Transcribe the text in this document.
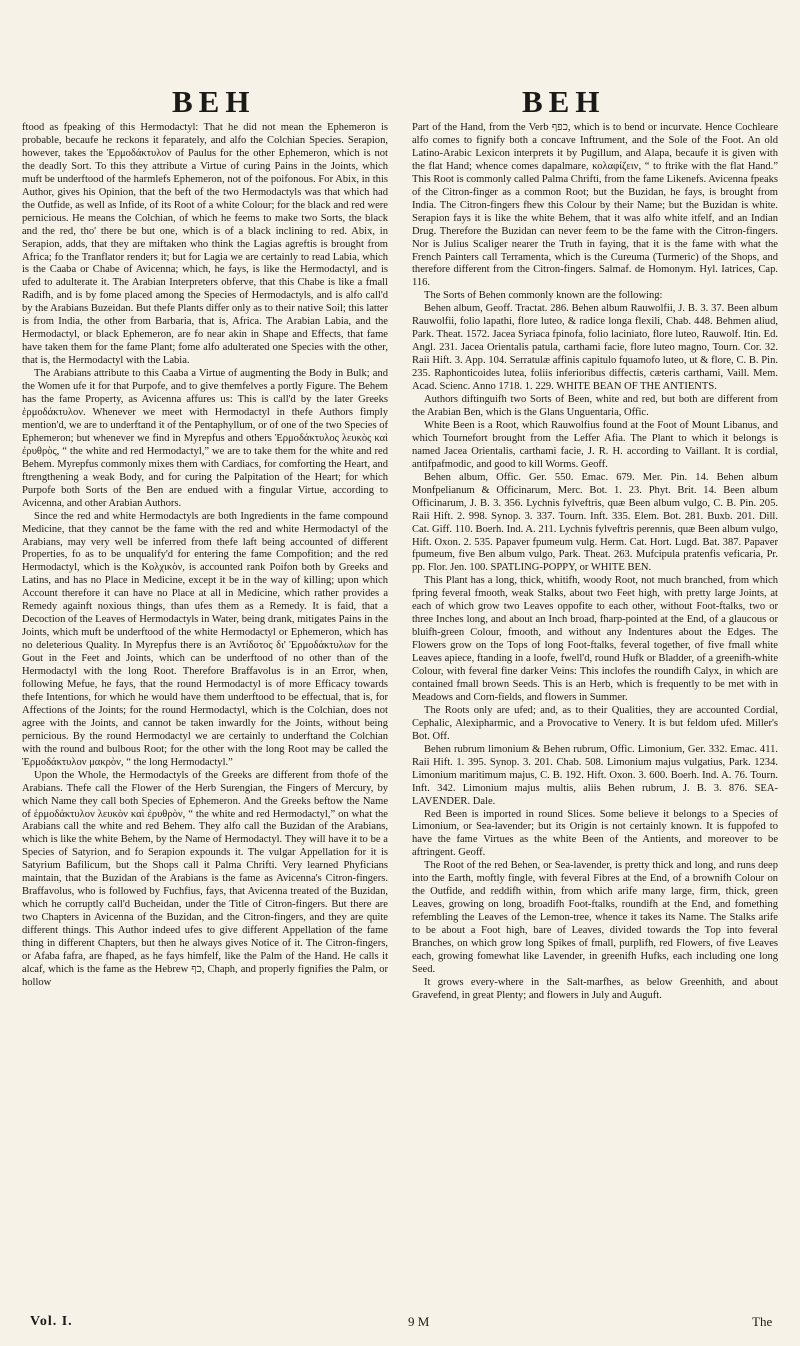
BEH	BEH

ftood as fpeaking of this Hermodactyl: That he did not mean the Ephemeron is probable, becaufe he reckons it feparately, and alfo the Colchian Species. Serapion, however, takes the Ἑρμοδάκτυλον of Paulus for the other Ephemeron, which is not the deadly Sort. To this they attribute a Virtue of curing Pains in the Joints, which muft be underftood of the harmlefs Ephemeron, not of the poifonous. For Abix, in this Author, gives his Opinion, that the beft of the two Hermodactyls was that which had the Outfide, as well as Infide, of its Root of a white Colour; for the black and red were pernicious. He means the Colchian, of which he feems to make two Sorts, the black and the red, tho' there be but one, which is of a black inclining to red. Abix, in Serapion, adds, that they are miftaken who think the Lagias agreftis is brought from Africa; fo the Tranflator renders it; but for Lagia we are certainly to read Labia, which is the Caaba or Chabe of Avicenna; which, he fays, is like the Hermodactyl, and is ufed to adulterate it. The Arabian Interpreters obferve, that this Chabe is like a fmall Radifh, and is by fome placed among the Species of Hermodactyls, and is alfo call'd by the Arabians Buzeidan. But thefe Plants differ only as to their native Soil; this latter is from India, the other from Barbaria, that is, Africa. The Arabian Labia, and the Hermodactyl, or black Ephemeron, are fo near akin in Shape and Effects, that fame have taken them for the fame Plant; fome alfo adulterated one Species with the other, that is, the Hermodactyl with the Labia.

The Arabians attribute to this Caaba a Virtue of augmenting the Body in Bulk; and the Women ufe it for that Purpofe, and to give themfelves a portly Figure. The Behem has the fame Property, as Avicenna affures us: This is call'd by the later Greeks ἑρμοδάκτυλον. Whenever we meet with Hermodactyl in thefe Authors fimply mention'd, we are to underftand it of the Pentaphyllum, or of one of the two Species of Ephemeron; but whenever we find in Myrepfus and others Ἑρμοδάκτυλος λευκὸς καὶ ἐρυθρὸς, “ the white and red Hermodactyl,” we are to take them for the white and red Behem. Myrepfus commonly mixes them with Cardiacs, for comforting the Heart, and ftrengthening a weak Body, and for curing the Palpitation of the Heart; for which Purpofe both Sorts of the Ben are endued with a fingular Virtue, according to Avicenna, and other Arabian Authors.

Since the red and white Hermodactyls are both Ingredients in the fame compound Medicine, that they cannot be the fame with the red and white Hermodactyl of the Arabians, may very well be inferred from thefe laft being accounted of different Properties, fo as to be unqualify'd for entering the fame Compofition; and the red Hermodactyl, which is the Κολχικὸν, is accounted rank Poifon both by Greeks and Latins, and has no Place in Medicine, except it be in the way of killing; upon which Account therefore it can have no Place at all in Medicine, which rather provides a Remedy againft noxious things, than ufes them as a Remedy. It is faid, that a Decoction of the Leaves of Hermodactyls in Water, being drank, mitigates Pains in the Joints, which muft be underftood of the white Hermodactyl or Ephemeron, which has no deleterious Quality. In Myrepfus there is an Ἀντίδοτος δι' Ἑρμοδάκτυλων for the Gout in the Feet and Joints, which can be underftood of no other than of the Hermodactyl with the long Root. Therefore Braffavolus is in an Error, when, following Mefue, he fays, that the round Hermodactyl is of more Efficacy towards thefe Intentions, for which he would have them underftood to be effectual, that is, for Affections of the Joints; for the round Hermodactyl, which is the Colchian, does not agree with the Joints, and cannot be taken inwardly for the Joints, without being pernicious. By the round Hermodactyl we are certainly to underftand the Colchian with the round and bulbous Root; for the other with the long Root may be called the Ἑρμοδάκτυλον μακρὸν, “ the long Hermodactyl.”

Upon the Whole, the Hermodactyls of the Greeks are different from thofe of the Arabians. Thefe call the Flower of the Herb Surengian, the Fingers of Mercury, by which Name they call both Species of Ephemeron. And the Greeks beftow the Name of ἑρμοδάκτυλον λευκὸν καὶ ἐρυθρὸν, “ the white and red Hermodactyl,” on what the Arabians call the white and red Behem. They alfo call the Buzidan of the Arabians, which is like the white Behem, by the Name of Hermodactyl. They will have it to be a Species of Satyrion, and fo Serapion expounds it. The vulgar Appellation for it is Satyrium Bafilicum, but the Shops call it Palma Chrifti. Very learned Phyficians maintain, that the Buzidan of the Arabians is the fame as Avicenna's Citron-fingers. Braffavolus, who is followed by Fuchfius, fays, that Avicenna treated of the Buzidan, which he corruptly call'd Bucheidan, under the Title of Citron-fingers. But there are two Chapters in Avicenna of the Buzidan, and the Citron-fingers, and they are quite different things. This Author indeed ufes to give different Appellation of the fame thing in different Chapters, but then he always gives Notice of it. The Citron-fingers, or Afaba fafra, are fhaped, as he fays himfelf, like the Palm of the Hand. He calls it alcaf, which is the fame as the Hebrew כף, Chaph, and properly fignifies the Palm, or hollow

Part of the Hand, from the Verb כפף, which is to bend or incurvate. Hence Cochleare alfo comes to fignify both a concave Inftrument, and the Sole of the Foot. An old Latino-Arabic Lexicon interprets it by Pugillum, and Alapa, becaufe it is given with the flat Hand; whence comes dapalmare, κολαφίζειν, “ to ftrike with the flat Hand.” This Root is commonly called Palma Chrifti, from the fame Likenefs. Avicenna fpeaks of the Citron-finger as a common Root; but the Buzidan, he fays, is brought from India. The Citron-fingers fhew this Colour by their Name; but the Buzidan is white. Serapion fays it is like the white Behem, that it was alfo white itfelf, and an Indian Drug. Therefore the Buzidan can never feem to be the fame with the Citron-fingers. Nor is Julius Scaliger nearer the Truth in faying, that it is the fame with what the French Painters call Terramenta, which is the Cureuma (Turmeric) of the Shops, and therefore different from the Citron-fingers. Salmaf. de Homonym. Hyl. Iatrices, Cap. 116.

The Sorts of Behen commonly known are the following:

Behen album, Geoff. Tractat. 286. Behen album Rauwolfii, J. B. 3. 37. Been album Rauwolfii, folio lapathi, flore luteo, & radice longa flexili, Chab. 448. Behmen aliud, Park. Theat. 1572. Jacea Syriaca fpinofa, folio laciniato, flore luteo, Rauwolf. Itin. Ed. Angl. 231. Jacea Orientalis patula, carthami facie, flore luteo magno, Tourn. Cor. 32. Raii Hift. 3. App. 104. Serratulæ affinis capitulo fquamofo luteo, ut & flore, C. B. Pin. 235. Raphonticoides lutea, foliis inferioribus diffectis, cæteris carthami, Vaill. Mem. Acad. Scienc. Anno 1718. 1. 229. WHITE BEAN OF THE ANTIENTS.

Authors diftinguifh two Sorts of Been, white and red, but both are different from the Arabian Ben, which is the Glans Unguentaria, Offic.

White Been is a Root, which Rauwolfius found at the Foot of Mount Libanus, and which Tournefort brought from the Leffer Afia. The Plant to which it belongs is named Jacea Orientalis, carthami facie, J. R. H. according to Vaillant. It is cordial, antifpafmodic, and good to kill Worms. Geoff.

Behen album, Offic. Ger. 550. Emac. 679. Mer. Pin. 14. Behen album Monfpelianum & Officinarum, Merc. Bot. 1. 23. Phyt. Brit. 14. Been album Officinarum, J. B. 3. 356. Lychnis fylveftris, quæ Been album vulgo, C. B. Pin. 205. Raii Hift. 2. 998. Synop. 3. 337. Tourn. Inft. 335. Elem. Bot. 281. Buxb. 201. Dill. Cat. Giff. 110. Boerh. Ind. A. 211. Lychnis fylveftris perennis, quæ Been album vulgo, Hift. Oxon. 2. 535. Papaver fpumeum vulg. Herm. Cat. Hort. Lugd. Bat. 387. Papaver fpumeum, five Ben album vulgo, Park. Theat. 263. Mufcipula pratenfis veficaria, Pr. pp. Flor. Jen. 100. SPATLING-POPPY, or WHITE BEN.

This Plant has a long, thick, whitifh, woody Root, not much branched, from which fpring feveral fmooth, weak Stalks, about two Feet high, with pretty large Joints, at each of which grow two Leaves oppofite to each other, without Foot-ftalks, two or three Inches long, and about an Inch broad, fharp-pointed at the End, of a glaucous or bluifh-green Colour, fmooth, and without any Indentures about the Edges. The Flowers grow on the Tops of long Foot-ftalks, feveral together, of five fmall white Leaves apiece, ftanding in a loofe, fwell'd, round Hufk or Bladder, of a greenifh-white Colour, with feveral fine darker Veins: This inclofes the roundifh Calyx, in which are contained fmall brown Seeds. This is an Herb, which is frequently to be met with in Meadows and Corn-fields, and flowers in Summer.

The Roots only are ufed; and, as to their Qualities, they are accounted Cordial, Cephalic, Alexipharmic, and a Provocative to Venery. It is but feldom ufed. Miller's Bot. Off.

Behen rubrum limonium & Behen rubrum, Offic. Limonium, Ger. 332. Emac. 411. Raii Hift. 1. 395. Synop. 3. 201. Chab. 508. Limonium majus vulgatius, Park. 1234. Limonium maritimum majus, C. B. 192. Hift. Oxon. 3. 600. Boerh. Ind. A. 76. Tourn. Inft. 342. Limonium majus multis, aliis Behen rubrum, J. B. 3. 876. SEA-LAVENDER. Dale.

Red Been is imported in round Slices. Some believe it belongs to a Species of Limonium, or Sea-lavender; but its Origin is not certainly known. It is fuppofed to have the fame Virtues as the white Been of the Antients, and moreover to be aftringent. Geoff.

The Root of the red Behen, or Sea-lavender, is pretty thick and long, and runs deep into the Earth, moftly fingle, with feveral Fibres at the End, of a brownifh Colour on the Outfide, and reddifh within, from which arife many large, firm, thick, green Leaves, growing on long, broadifh Foot-ftalks, roundifh at the End, and fomething refembling the Leaves of the Lemon-tree, whence it takes its Name. The Stalks arife to be about a Foot high, bare of Leaves, divided towards the Top into feveral Branches, on which grow long Spikes of fmall, purplifh, red Flowers, of five Leaves each, growing fomewhat like Lavender, in greenifh Hufks, each including one long Seed.

It grows every-where in the Salt-marfhes, as below Greenhith, and about Gravefend, in great Plenty; and flowers in July and Auguft.

Vol. I.	9 M	The
